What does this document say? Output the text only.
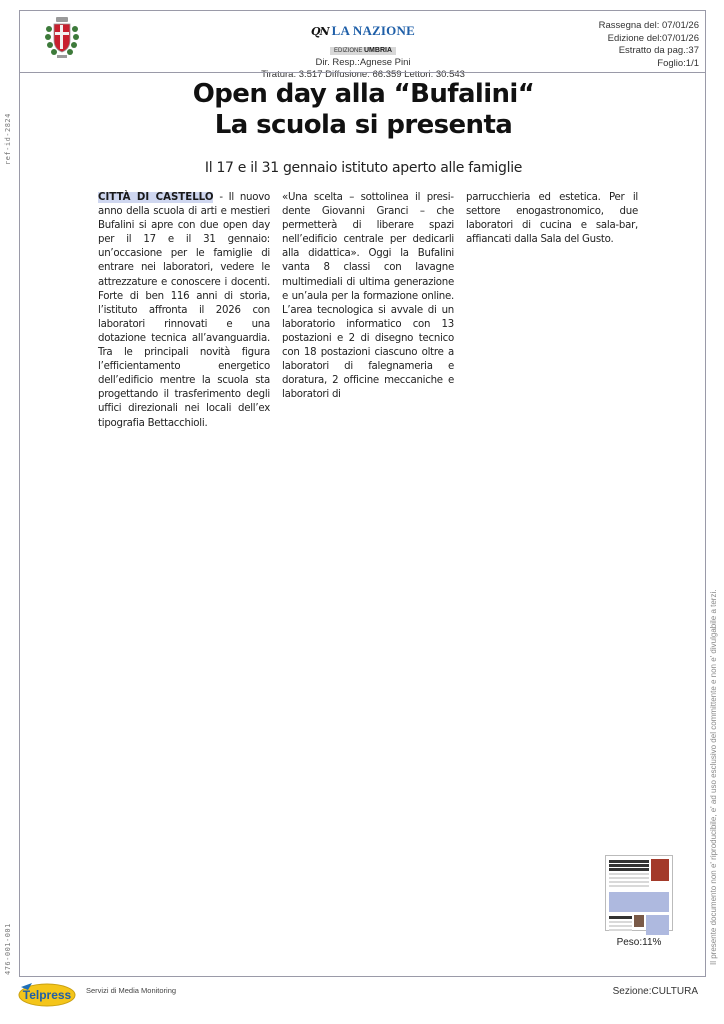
QN LA NAZIONE
EDIZIONE UMBRIA
Dir. Resp.:Agnese Pini
Tiratura: 3.517 Diffusione: 66.359 Lettori: 30.543
Rassegna del: 07/01/26
Edizione del:07/01/26
Estratto da pag.:37
Foglio:1/1
Open day alla “Bufalini“
La scuola si presenta
Il 17 e il 31 gennaio istituto aperto alle famiglie

CITTÀ DI CASTELLO - Il nuovo anno della scuola di arti e mestieri Bufalini si apre con due open day per il 17 e il 31 gennaio: un’occasione per le famiglie di entrare nei laboratori, vedere le attrezzature e conoscere i docenti. Forte di ben 116 anni di storia, l’istituto affronta il 2026 con laboratori rinnovati e una dotazione tecnica all’avanguardia. Tra le principali novità figura l’efficientamento energetico dell’edificio mentre la scuola sta progettando il trasferimento degli uffici direzionali nei locali dell’ex tipografia Bettacchioli.

«Una scelta – sottolinea il presidente Giovanni Granci – che permetterà di liberare spazi nell’edificio centrale per dedicarli alla didattica». Oggi la Bufalini vanta 8 classi con lavagne multimediali di ultima generazione e un’aula per la formazione online. L’area tecnologica si avvale di un laboratorio informatico con 13 postazioni e 2 di disegno tecnico con 18 postazioni ciascuno oltre a laboratori di falegnameria e doratura, 2 officine meccaniche e laboratori di

parrucchieria ed estetica. Per il settore enogastronomico, due laboratori di cucina e sala-bar, affiancati dalla Sala del Gusto.

Peso:11%
ref-id-2824
476-001-001	Il presente documento non e' riproducibile, e' ad uso esclusivo del committente e non e' divulgabile a terzi.
Telpress Servizi di Media Monitoring	Sezione:CULTURA
